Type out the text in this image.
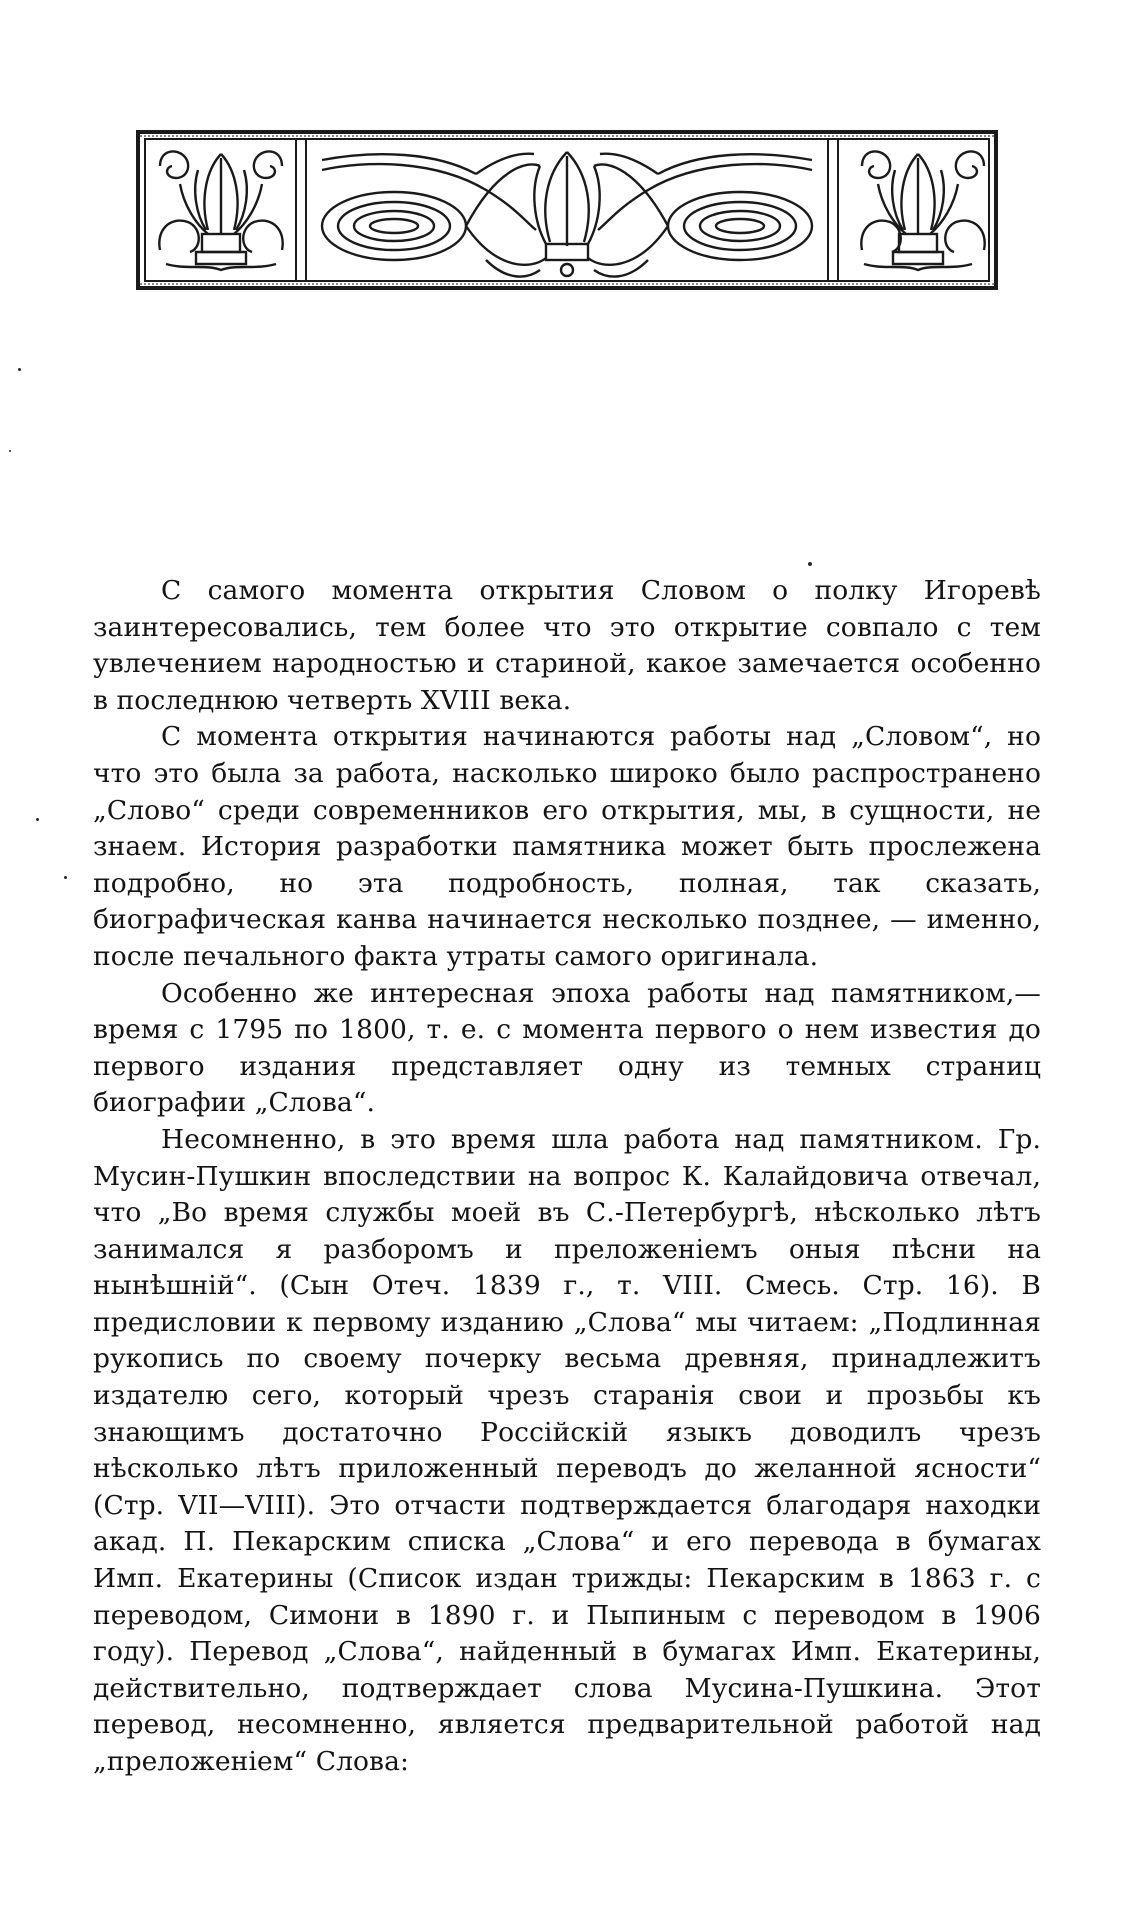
С самого момента открытия Словом о полку Игоревѣ заинтересовались, тем более что это открытие совпало с тем увлечением народностью и стариной, какое замечается особенно в последнюю четверть XVIII века.

С момента открытия начинаются работы над „Словом“, но что это была за работа, насколько широко было распространено „Слово“ среди современников его открытия, мы, в сущности, не знаем. История разработки памятника может быть прослежена подробно, но эта подробность, полная, так сказать, биографическая канва начинается несколько позднее, — именно, после печального факта утраты самого оригинала.

Особенно же интересная эпоха работы над памятником,— время с 1795 по 1800, т. е. с момента первого о нем известия до первого издания представляет одну из темных страниц биографии „Слова“.

Несомненно, в это время шла работа над памятником. Гр. Мусин-Пушкин впоследствии на вопрос К. Калайдовича отвечал, что „Во время службы моей въ С.-Петербургѣ, нѣсколько лѣтъ занимался я разборомъ и преложенiемъ оныя пѣсни на нынѣшнiй“. (Сын Отеч. 1839 г., т. VIII. Смесь. Стр. 16). В предисловии к первому изданию „Слова“ мы читаем: „Подлинная рукопись по своему почерку весьма древняя, принадлежитъ издателю сего, который чрезъ старанiя свои и прозьбы къ знающимъ достаточно Россiйскiй языкъ доводилъ чрезъ нѣсколько лѣтъ приложенный переводъ до желанной ясности“ (Стр. VII—VIII). Это отчасти подтверждается благодаря находки акад. П. Пекарским списка „Слова“ и его перевода в бумагах Имп. Екатерины (Список издан трижды: Пекарским в 1863 г. с переводом, Симони в 1890 г. и Пыпиным с переводом в 1906 году). Перевод „Слова“, найденный в бумагах Имп. Екатерины, действительно, подтверждает слова Мусина-Пушкина. Этот перевод, несомненно, является предварительной работой над „преложенiем“ Слова:
